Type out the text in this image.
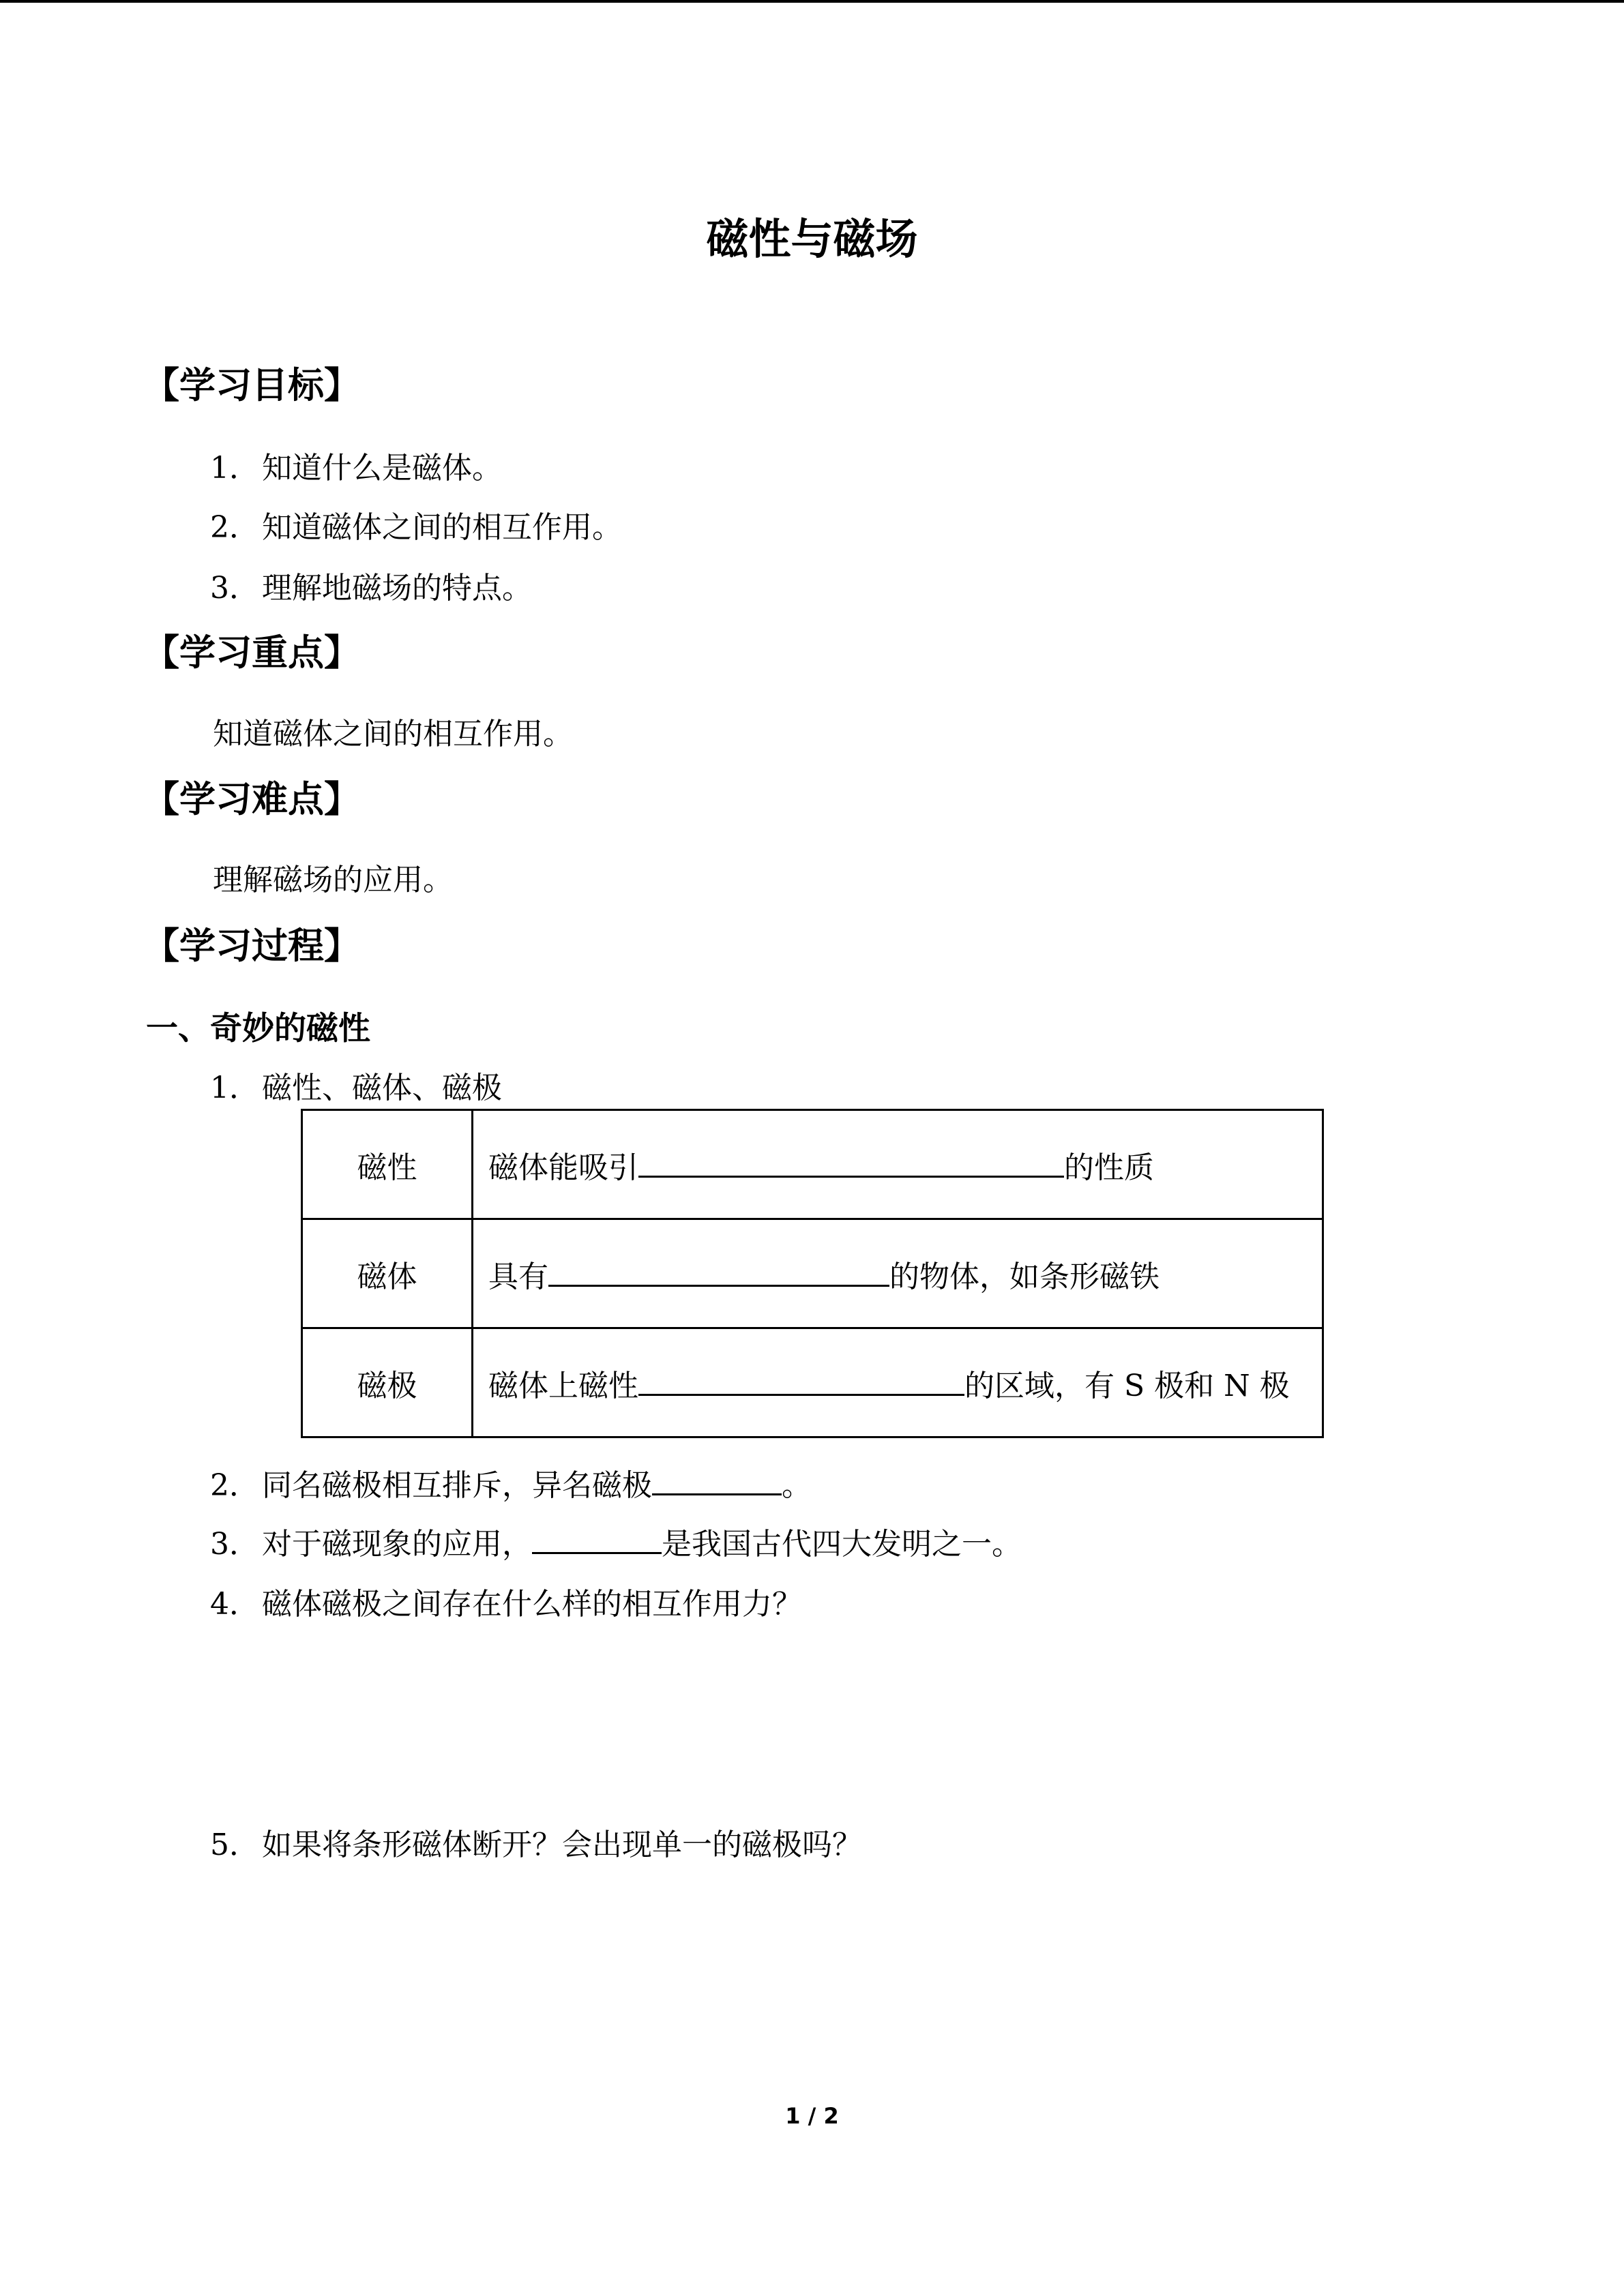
磁性与磁场
【学习目标】
1．知道什么是磁体。
2．知道磁体之间的相互作用。
3．理解地磁场的特点。
【学习重点】
知道磁体之间的相互作用。
【学习难点】
理解磁场的应用。
【学习过程】
一、奇妙的磁性
1．磁性、磁体、磁极
磁性	磁体能吸引 的性质
磁体	具有 的物体，如条形磁铁
磁极	磁体上磁性 的区域，有 S 极和 N 极
2．同名磁极相互排斥，异名磁极	。
3．对于磁现象的应用，	是我国古代四大发明之一。
4．磁体磁极之间存在什么样的相互作用力？
5．如果将条形磁体断开？会出现单一的磁极吗？
1 / 2
